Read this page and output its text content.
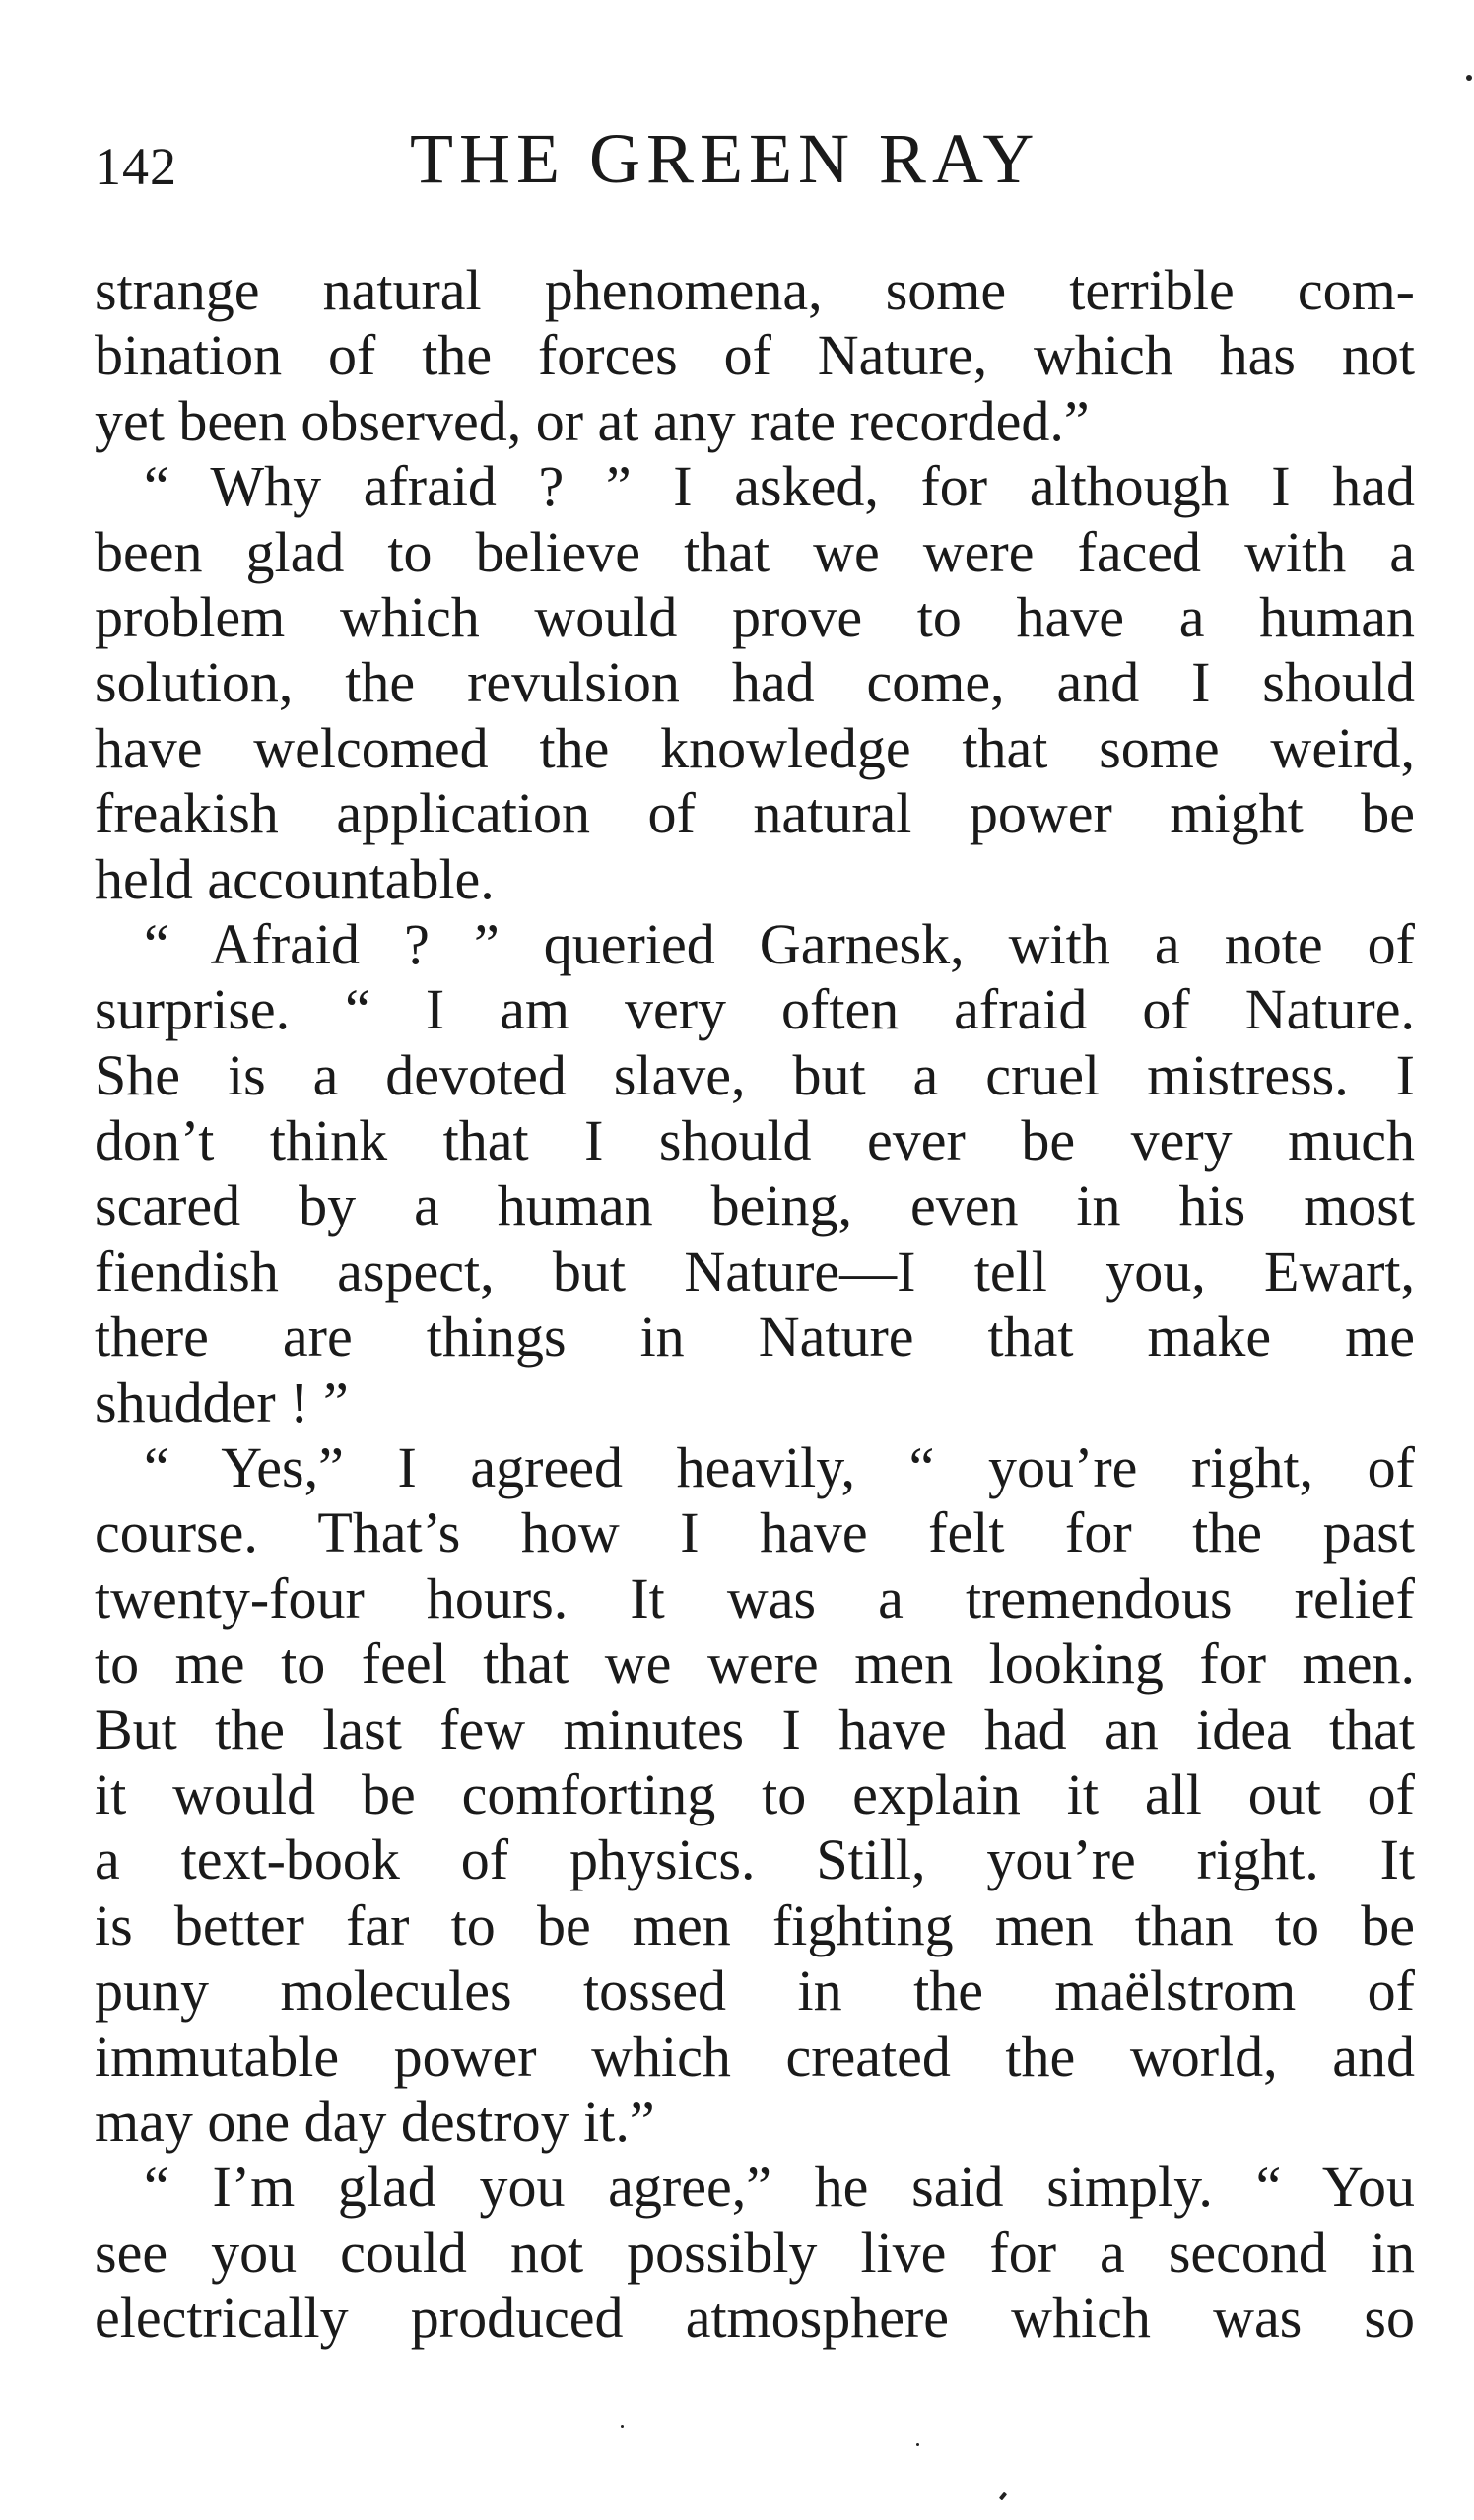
142	THE GREEN RAY
strange natural phenomena, some terrible com-
bination of the forces of Nature, which has not
yet been observed, or at any rate recorded.”
“ Why afraid ? ” I asked, for although I had
been glad to believe that we were faced with a
problem which would prove to have a human
solution, the revulsion had come, and I should
have welcomed the knowledge that some weird,
freakish application of natural power might be
held accountable.
“ Afraid ? ” queried Garnesk, with a note of
surprise. “ I am very often afraid of Nature.
She is a devoted slave, but a cruel mistress. I
don’t think that I should ever be very much
scared by a human being, even in his most
fiendish aspect, but Nature—I tell you, Ewart,
there are things in Nature that make me
shudder ! ”
“ Yes,” I agreed heavily, “ you’re right, of
course. That’s how I have felt for the past
twenty-four hours. It was a tremendous relief
to me to feel that we were men looking for men.
But the last few minutes I have had an idea that
it would be comforting to explain it all out of
a text-book of physics. Still, you’re right. It
is better far to be men fighting men than to be
puny molecules tossed in the maëlstrom of
immutable power which created the world, and
may one day destroy it.”
“ I’m glad you agree,” he said simply. “ You
see you could not possibly live for a second in
electrically produced atmosphere which was so
